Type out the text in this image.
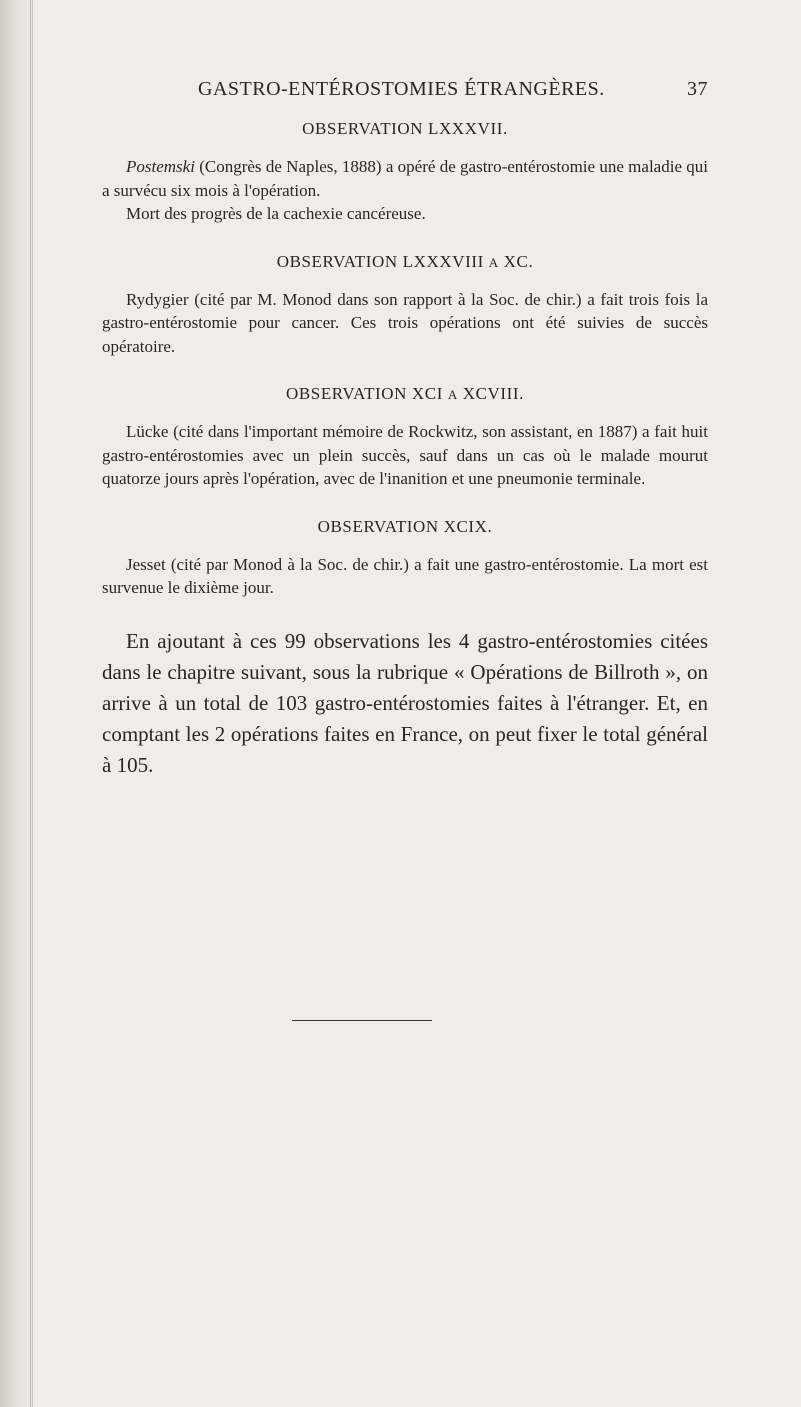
GASTRO-ENTÉROSTOMIES ÉTRANGÈRES.	37
OBSERVATION LXXXVII.

Postemski (Congrès de Naples, 1888) a opéré de gastro-entérostomie une maladie qui a survécu six mois à l'opération.

Mort des progrès de la cachexie cancéreuse.

OBSERVATION LXXXVIII A XC.

Rydygier (cité par M. Monod dans son rapport à la Soc. de chir.) a fait trois fois la gastro-entérostomie pour cancer. Ces trois opérations ont été suivies de succès opératoire.

OBSERVATION XCI A XCVIII.

Lücke (cité dans l'important mémoire de Rockwitz, son assistant, en 1887) a fait huit gastro-entérostomies avec un plein succès, sauf dans un cas où le malade mourut quatorze jours après l'opération, avec de l'inanition et une pneumonie terminale.

OBSERVATION XCIX.

Jesset (cité par Monod à la Soc. de chir.) a fait une gastro-entérostomie. La mort est survenue le dixième jour.

En ajoutant à ces 99 observations les 4 gastro-entérostomies citées dans le chapitre suivant, sous la rubrique « Opérations de Billroth », on arrive à un total de 103 gastro-entérostomies faites à l'étranger. Et, en comptant les 2 opérations faites en France, on peut fixer le total général à 105.
